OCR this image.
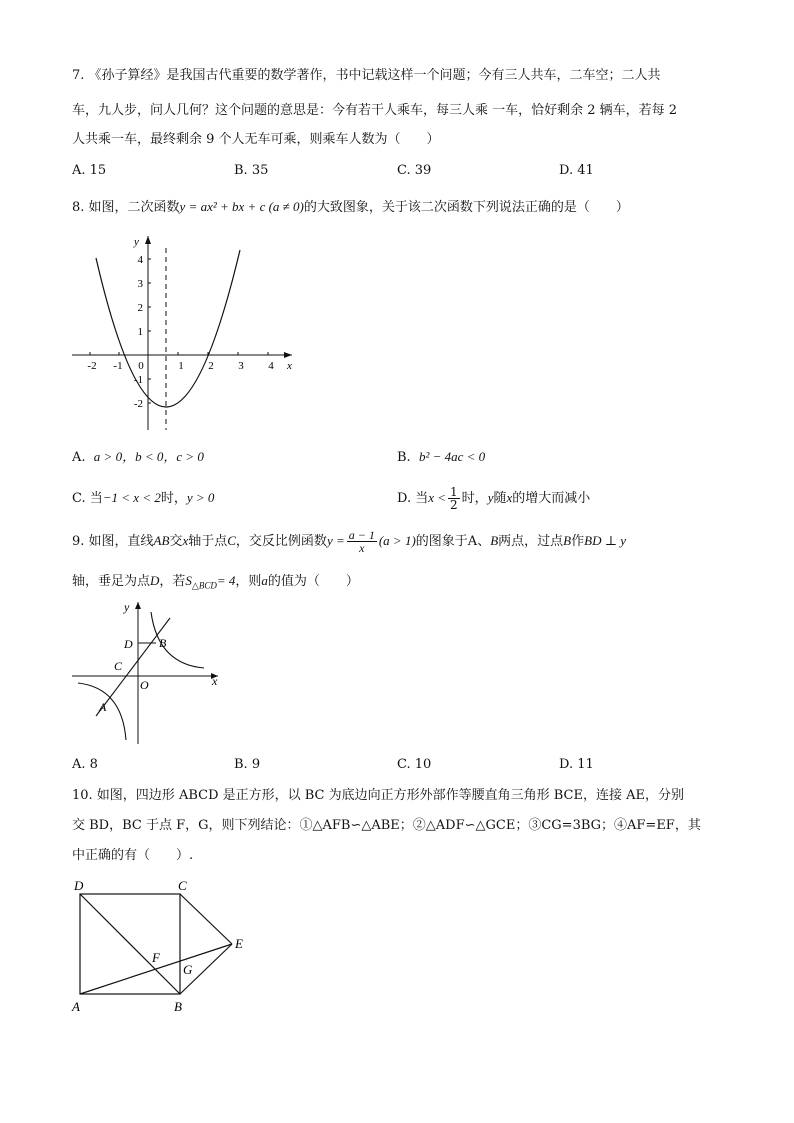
7. 《孙子算经》是我国古代重要的数学著作，书中记载这样一个问题；今有三人共车，二车空；二人共
车，九人步，问人几何？这个问题的意思是：今有若干人乘车，每三人乘 一车，恰好剩余 2 辆车，若每 2
人共乘一车，最终剩余 9 个人无车可乘，则乘车人数为（　　）
A. 15	B. 35	C. 39	D. 41
8. 如图，二次函数y = ax² + bx + c (a ≠ 0)的大致图象，关于该二次函数下列说法正确的是（　　）
-2 -1 0	1 2 3 4 x
y
4
3
2
1
-1
-2
A. a > 0，b < 0，c > 0	B. b² − 4ac < 0
C. 当−1 < x < 2时，y > 0	D. 当$x < \frac{1}{2}$ 时，y随x的增大而减小
9. 如图，直线AB交x轴于点C，交反比例函数$y = \frac{a - 1}{x} (a > 1)$的图象于A、B两点，过点B作BD ⊥ y
轴，垂足为点D，若$S_{\triangle BCD}= 4$，则a的值为（　　）
y
x
D B
C
O
A
A. 8	B. 9	C. 10	D. 11
10. 如图，四边形 ABCD 是正方形，以 BC 为底边向正方形外部作等腰直角三角形 BCE，连接 AE，分别
交 BD，BC 于点 F，G，则下列结论：①△AFB∽△ABE；②△ADF∽△GCE；③CG=3BG；④AF=EF，其
中正确的有（　　）.
D	C
E
F
G
A	B
